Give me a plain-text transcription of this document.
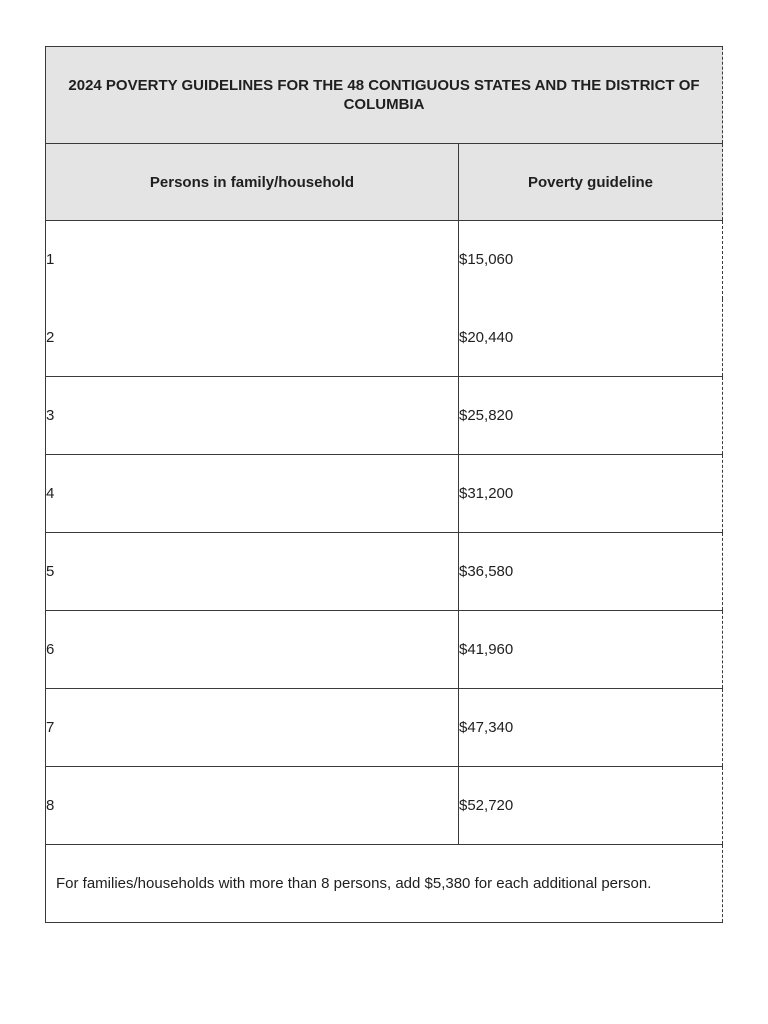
2024 POVERTY GUIDELINES FOR THE 48 CONTIGUOUS STATES AND THE DISTRICT OF COLUMBIA	
Persons in family/household	Poverty guideline
1	$15,060
2	$20,440
3	$25,820
4	$31,200
5	$36,580
6	$41,960
7	$47,340
8	$52,720
For families/households with more than 8 persons, add $5,380 for each additional person.	
